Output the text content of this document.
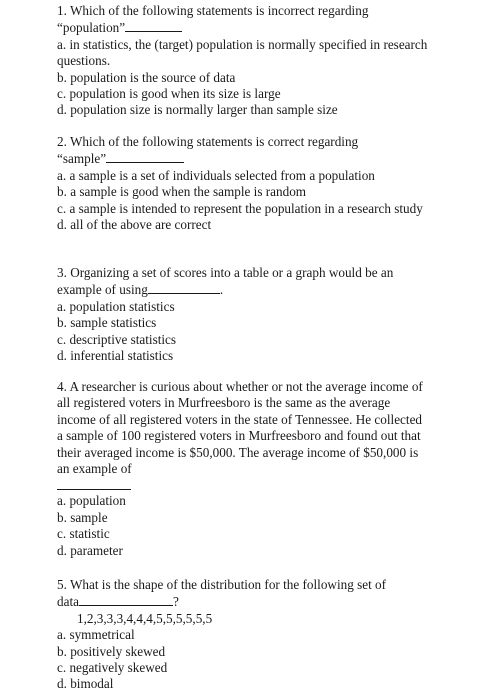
1. Which of the following statements is incorrect regarding
“population”
a. in statistics, the (target) population is normally specified in research questions.
b. population is the source of data
c. population is good when its size is large
d. population size is normally larger than sample size
2. Which of the following statements is correct regarding
“sample”
a. a sample is a set of individuals selected from a population
b. a sample is good when the sample is random
c. a sample is intended to represent the population in a research study
d. all of the above are correct
3. Organizing a set of scores into a table or a graph would be an
example of using	.
a. population statistics
b. sample statistics
c. descriptive statistics
d. inferential statistics
4. A researcher is curious about whether or not the average income of all registered voters in Murfreesboro is the same as the average income of all registered voters in the state of Tennessee. He collected a sample of 100 registered voters in Murfreesboro and found out that their averaged income is $50,000. The average income of $50,000 is an example of
a. population
b. sample
c. statistic
d. parameter
5. What is the shape of the distribution for the following set of
data	?
1,2,3,3,3,4,4,4,5,5,5,5,5,5
a. symmetrical
b. positively skewed
c. negatively skewed
d. bimodal
